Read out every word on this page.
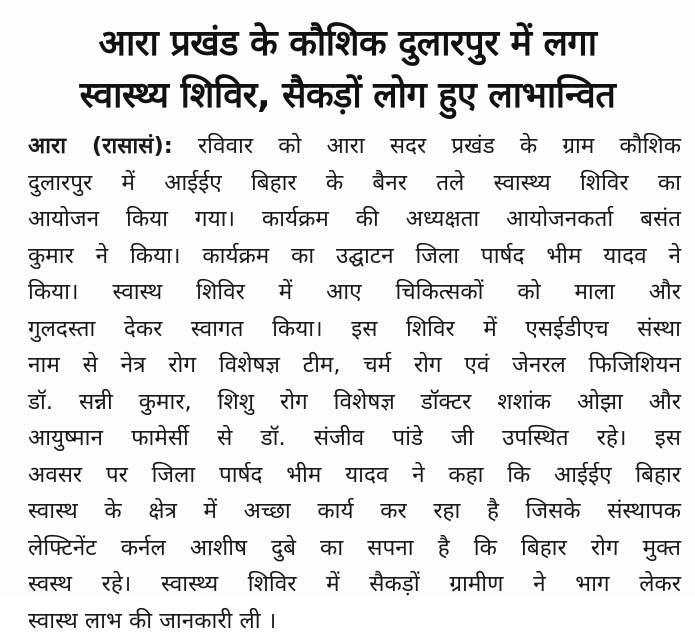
आरा प्रखंड के कौशिक दुलारपुर में लगा
स्वास्थ्य शिविर, सैकड़ों लोग हुए लाभान्वित
आरा (रासासं): रविवार को आरा सदर प्रखंड के ग्राम कौशिक
दुलारपुर में आईईए बिहार के बैनर तले स्वास्थ्य शिविर का
आयोजन किया गया। कार्यक्रम की अध्यक्षता आयोजनकर्ता बसंत
कुमार ने किया। कार्यक्रम का उद्घाटन जिला पार्षद भीम यादव ने
किया। स्वास्थ शिविर में आए चिकित्सकों को माला और
गुलदस्ता देकर स्वागत किया। इस शिविर में एसईडीएच संस्था
नाम से नेत्र रोग विशेषज्ञ टीम, चर्म रोग एवं जेनरल फिजिशियन
डॉ. सन्नी कुमार, शिशु रोग विशेषज्ञ डॉक्टर शशांक ओझा और
आयुष्मान फामेर्सी से डॉ. संजीव पांडे जी उपस्थित रहे। इस
अवसर पर जिला पार्षद भीम यादव ने कहा कि आईईए बिहार
स्वास्थ के क्षेत्र में अच्छा कार्य कर रहा है जिसके संस्थापक
लेफ्टिनेंट कर्नल आशीष दुबे का सपना है कि बिहार रोग मुक्त
स्वस्थ रहे। स्वास्थ्य शिविर में सैकड़ों ग्रामीण ने भाग लेकर
स्वास्थ लाभ की जानकारी ली ।
